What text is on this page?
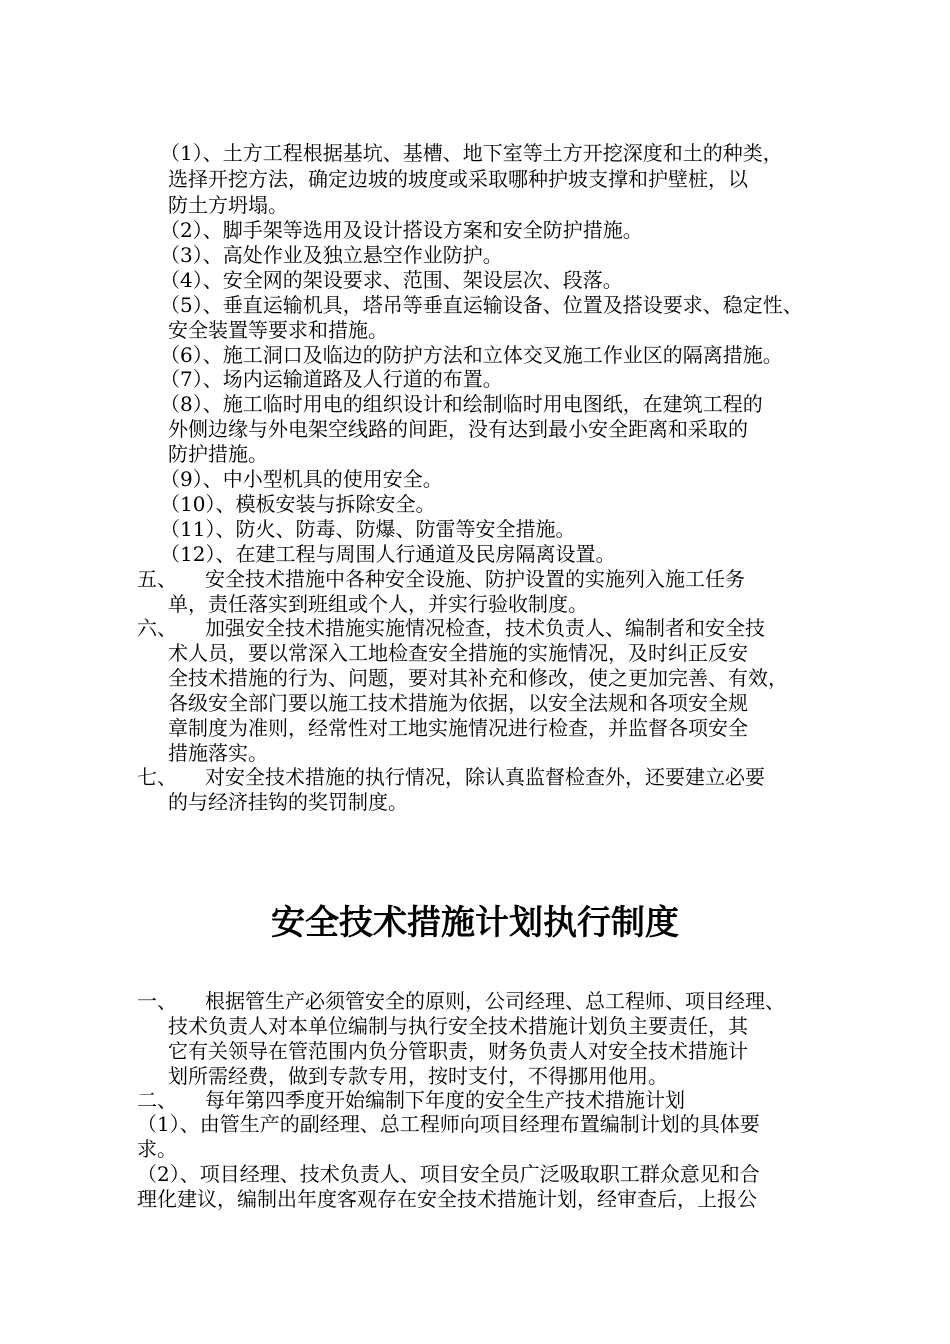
（1）、土方工程根据基坑、基槽、地下室等土方开挖深度和土的种类，
选择开挖方法，确定边坡的坡度或采取哪种护坡支撑和护壁桩，以
防土方坍塌。
（2）、脚手架等选用及设计搭设方案和安全防护措施。
（3）、高处作业及独立悬空作业防护。
（4）、安全网的架设要求、范围、架设层次、段落。
（5）、垂直运输机具，塔吊等垂直运输设备、位置及搭设要求、稳定性、
安全装置等要求和措施。
（6）、施工洞口及临边的防护方法和立体交叉施工作业区的隔离措施。
（7）、场内运输道路及人行道的布置。
（8）、施工临时用电的组织设计和绘制临时用电图纸，在建筑工程的
外侧边缘与外电架空线路的间距，没有达到最小安全距离和采取的
防护措施。
（9）、中小型机具的使用安全。
（10）、模板安装与拆除安全。
（11）、防火、防毒、防爆、防雷等安全措施。
（12）、在建工程与周围人行通道及民房隔离设置。
五、 安全技术措施中各种安全设施、防护设置的实施列入施工任务
单，责任落实到班组或个人，并实行验收制度。
六、 加强安全技术措施实施情况检查，技术负责人、编制者和安全技
术人员，要以常深入工地检查安全措施的实施情况，及时纠正反安
全技术措施的行为、问题，要对其补充和修改，使之更加完善、有效，
各级安全部门要以施工技术措施为依据，以安全法规和各项安全规
章制度为准则，经常性对工地实施情况进行检查，并监督各项安全
措施落实。
七、 对安全技术措施的执行情况，除认真监督检查外，还要建立必要
的与经济挂钩的奖罚制度。
安全技术措施计划执行制度
一、 根据管生产必须管安全的原则，公司经理、总工程师、项目经理、
技术负责人对本单位编制与执行安全技术措施计划负主要责任，其
它有关领导在管范围内负分管职责，财务负责人对安全技术措施计
划所需经费，做到专款专用，按时支付，不得挪用他用。
二、 每年第四季度开始编制下年度的安全生产技术措施计划
（1）、由管生产的副经理、总工程师向项目经理布置编制计划的具体要
求。
（2）、项目经理、技术负责人、项目安全员广泛吸取职工群众意见和合
理化建议，编制出年度客观存在安全技术措施计划，经审查后，上报公
